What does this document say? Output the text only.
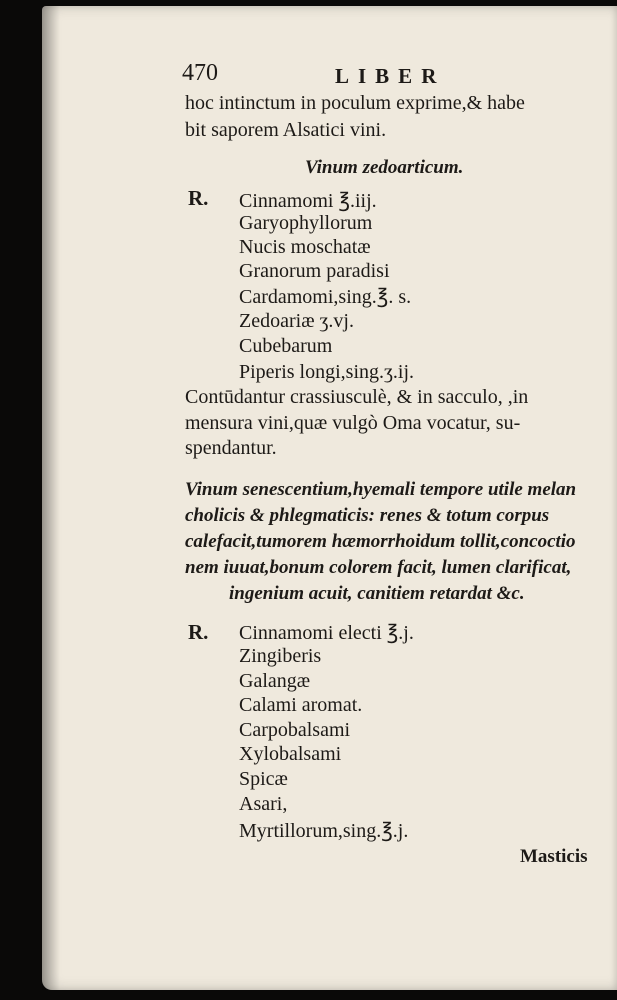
470	LIBER
hoc intinctum in poculum exprime,& habe
bit saporem Alsatici vini.
Vinum zedoarticum.
R. Cinnamomi ℥.iij.
Garyophyllorum
Nucis moschatæ
Granorum paradisi
Cardamomi,sing.℥. s.
Zedoariæ ʒ.vj.
Cubebarum
Piperis longi,sing.ʒ.ij.
Contūdantur crassiusculè, & in sacculo, ,in
mensura vini,quæ vulgò Oma vocatur, su-
spendantur.
Vinum senescentium,hyemali tempore utile melan
cholicis & phlegmaticis: renes & totum corpus
calefacit,tumorem hæmorrhoidum tollit,concoctio
nem iuuat,bonum colorem facit, lumen clarificat,
ingenium acuit, canitiem retardat &c.
R. Cinnamomi electi ℥.j.
Zingiberis
Galangæ
Calami aromat.
Carpobalsami
Xylobalsami
Spicæ
Asari,
Myrtillorum,sing.℥.j.
Masticis
